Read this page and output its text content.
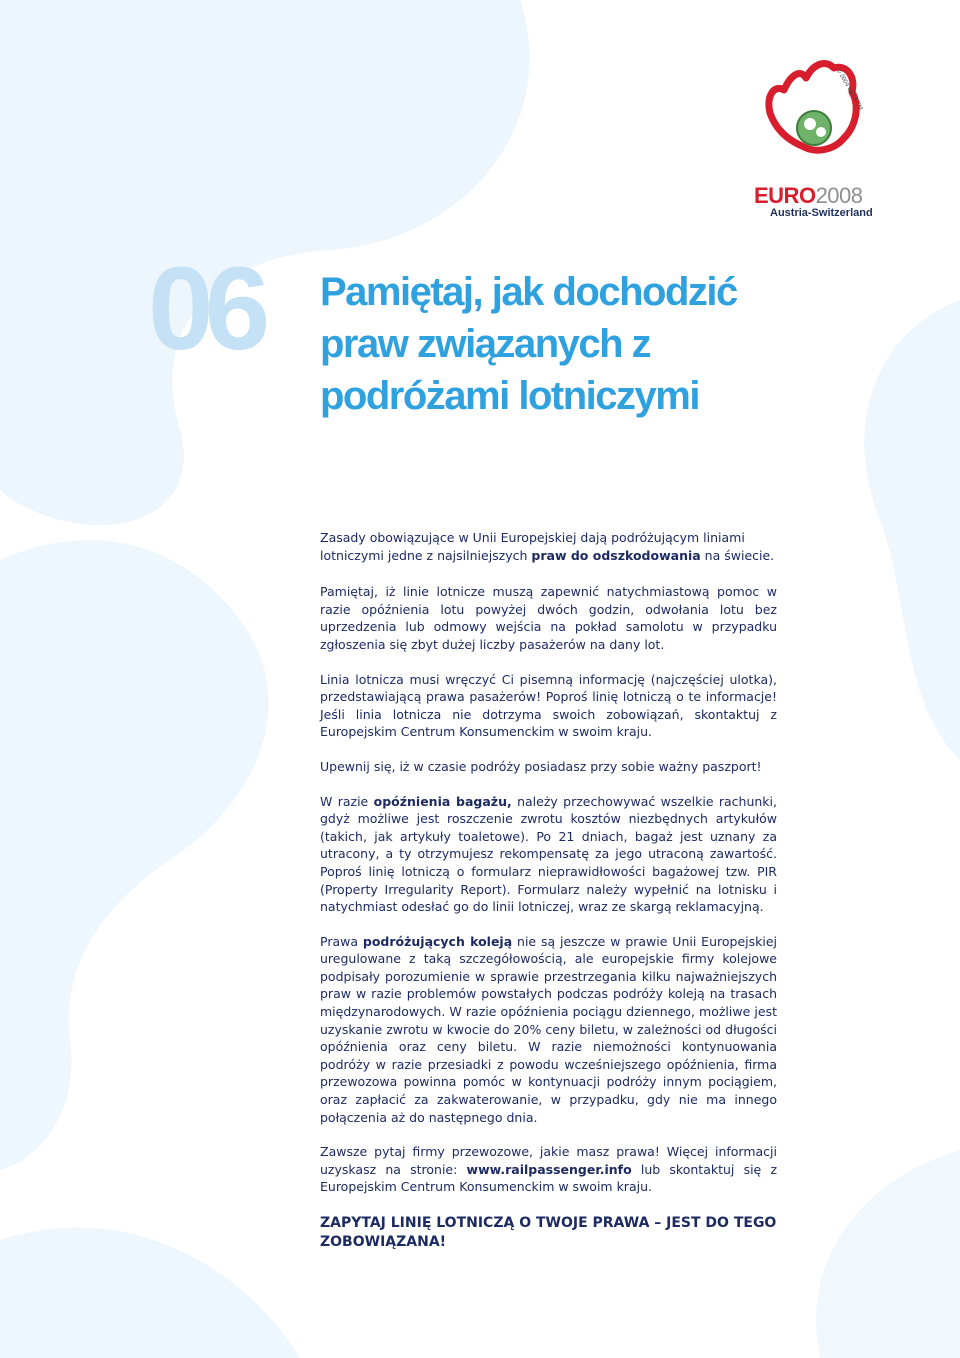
© 2004 UEFA TM
EURO2008
Austria-Switzerland
06 Pamiętaj, jak dochodzić
praw związanych z
podróżami lotniczymi

Zasady obowiązujące w Unii Europejskiej dają podróżującym liniami lotniczymi jedne z najsilniejszych praw do odszkodowania na świecie.

Pamiętaj, iż linie lotnicze muszą zapewnić natychmiastową pomoc w razie opóźnienia lotu powyżej dwóch godzin, odwołania lotu bez uprzedzenia lub odmowy wejścia na pokład samolotu w przypadku zgłoszenia się zbyt dużej liczby pasażerów na dany lot.

Linia lotnicza musi wręczyć Ci pisemną informację (najczęściej ulotka), przedstawiającą prawa pasażerów! Poproś linię lotniczą o te informacje! Jeśli linia lotnicza nie dotrzyma swoich zobowiązań, skontaktuj z Europejskim Centrum Konsumenckim w swoim kraju.

Upewnij się, iż w czasie podróży posiadasz przy sobie ważny paszport!

W razie opóźnienia bagażu, należy przechowywać wszelkie rachunki, gdyż możliwe jest roszczenie zwrotu kosztów niezbędnych artykułów (takich, jak artykuły toaletowe). Po 21 dniach, bagaż jest uznany za utracony, a ty otrzymujesz rekompensatę za jego utraconą zawartość. Poproś linię lotniczą o formularz nieprawidłowości bagażowej tzw. PIR (Property Irregularity Report). Formularz należy wypełnić na lotnisku i natychmiast odesłać go do linii lotniczej, wraz ze skargą reklamacyjną.

Prawa podróżujących koleją nie są jeszcze w prawie Unii Europejskiej uregulowane z taką szczegółowością, ale europejskie firmy kolejowe podpisały porozumienie w sprawie przestrzegania kilku najważniejszych praw w razie problemów powstałych podczas podróży koleją na trasach międzynarodowych. W razie opóźnienia pociągu dziennego, możliwe jest uzyskanie zwrotu w kwocie do 20% ceny biletu, w zależności od długości opóźnienia oraz ceny biletu. W razie niemożności kontynuowania podróży w razie przesiadki z powodu wcześniejszego opóźnienia, firma przewozowa powinna pomóc w kontynuacji podróży innym pociągiem, oraz zapłacić za zakwaterowanie, w przypadku, gdy nie ma innego połączenia aż do następnego dnia.

Zawsze pytaj firmy przewozowe, jakie masz prawa! Więcej informacji uzyskasz na stronie: www.railpassenger.info lub skontaktuj się z Europejskim Centrum Konsumenckim w swoim kraju.

ZAPYTAJ LINIĘ LOTNICZĄ O TWOJE PRAWA – JEST DO TEGO ZOBOWIĄZANA!
